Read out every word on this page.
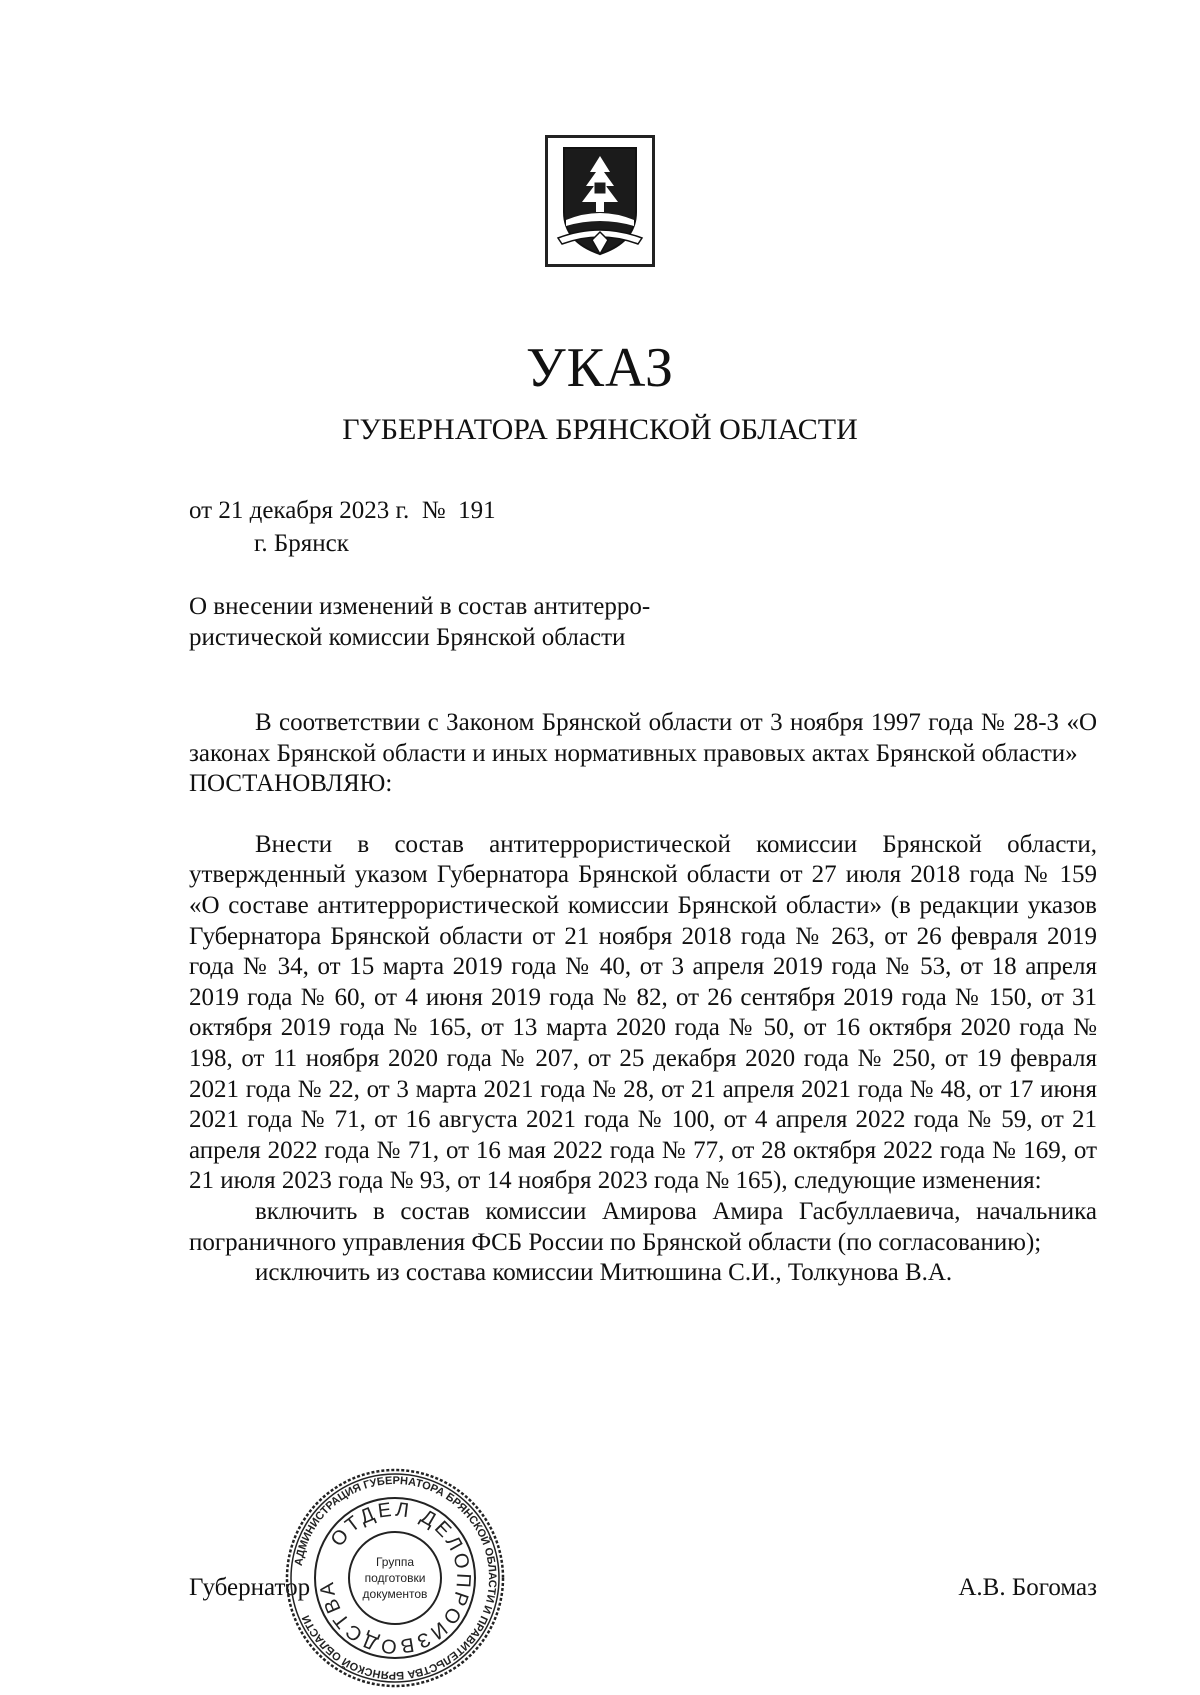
УКАЗ
ГУБЕРНАТОРА БРЯНСКОЙ ОБЛАСТИ
от 21 декабря 2023 г. № 191
г. Брянск
О внесении изменений в состав антитерро-
ристической комиссии Брянской области

В соответствии с Законом Брянской области от 3 ноября 1997 года № 28-З «О законах Брянской области и иных нормативных правовых актах Брянской области»

ПОСТАНОВЛЯЮ:

Внести в состав антитеррористической комиссии Брянской области, утвержденный указом Губернатора Брянской области от 27 июля 2018 года № 159 «О составе антитеррористической комиссии Брянской области» (в редакции указов Губернатора Брянской области от 21 ноября 2018 года № 263, от 26 февраля 2019 года № 34, от 15 марта 2019 года № 40, от 3 апреля 2019 года № 53, от 18 апреля 2019 года № 60, от 4 июня 2019 года № 82, от 26 сентября 2019 года № 150, от 31 октября 2019 года № 165, от 13 марта 2020 года № 50, от 16 октября 2020 года № 198, от 11 ноября 2020 года № 207, от 25 декабря 2020 года № 250, от 19 февраля 2021 года № 22, от 3 марта 2021 года № 28, от 21 апреля 2021 года № 48, от 17 июня 2021 года № 71, от 16 августа 2021 года № 100, от 4 апреля 2022 года № 59, от 21 апреля 2022 года № 71, от 16 мая 2022 года № 77, от 28 октября 2022 года № 169, от 21 июля 2023 года № 93, от 14 ноября 2023 года № 165), следующие изменения:

включить в состав комиссии Амирова Амира Гасбуллаевича, начальника пограничного управления ФСБ России по Брянской области (по согласованию);

исключить из состава комиссии Митюшина С.И., Толкунова В.А.

Губернатор	А.В. Богомаз
АДМИНИСТРАЦИЯ ГУБЕРНАТОРА БРЯНСКОЙ ОБЛАСТИ И ПРАВИТЕЛЬСТВА БРЯНСКОЙ ОБЛАСТИ
ОТДЕЛ ДЕЛОПРОИЗВОДСТВА
Группа
подготовки
документов
